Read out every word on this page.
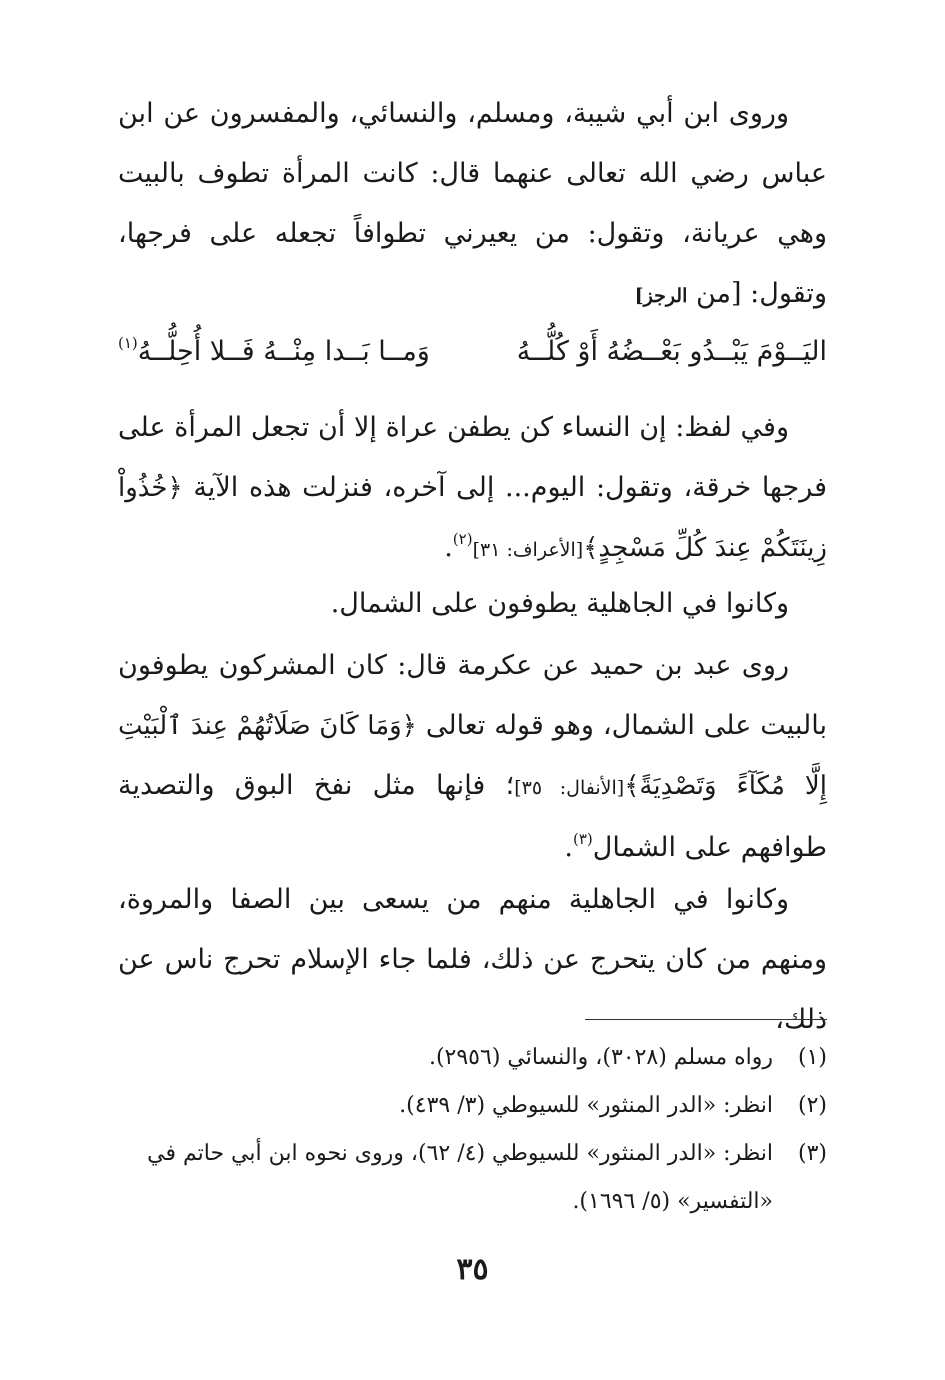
وروى ابن أبي شيبة، ومسلم، والنسائي، والمفسرون عن ابن عباس رضي الله تعالى عنهما قال: كانت المرأة تطوف بالبيت وهي عريانة، وتقول: من يعيرني تطوافاً تجعله على فرجها، وتقول: [من الرجز]

اليَــوْمَ يَبْــدُو بَعْــضُهُ أَوْ كُلُّــهُ
وَمــا بَــدا مِنْــهُ فَــلا أُحِلُّــهُ$^{(١)}$

وفي لفظ: إن النساء كن يطفن عراة إلا أن تجعل المرأة على فرجها خرقة، وتقول: اليوم... إلى آخره، فنزلت هذه الآية ﴿خُذُواْ زِينَتَكُمْ عِندَ كُلِّ مَسْجِدٍ﴾[الأعراف: ٣١]$^{(٢)}$.

وكانوا في الجاهلية يطوفون على الشمال.

روى عبد بن حميد عن عكرمة قال: كان المشركون يطوفون بالبيت على الشمال، وهو قوله تعالى ﴿وَمَا كَانَ صَلَاتُهُمْ عِندَ ٱلْبَيْتِ إِلَّا مُكَآءً وَتَصْدِيَةً﴾[الأنفال: ٣٥]؛ فإنها مثل نفخ البوق والتصدية طوافهم على الشمال$^{(٣)}$.

وكانوا في الجاهلية منهم من يسعى بين الصفا والمروة، ومنهم من كان يتحرج عن ذلك، فلما جاء الإسلام تحرج ناس عن ذلك،

(١)
رواه مسلم (٣٠٢٨)، والنسائي (٢٩٥٦).
(٢)
انظر: «الدر المنثور» للسيوطي (٣/ ٤٣٩).
(٣)
انظر: «الدر المنثور» للسيوطي (٤/ ٦٢)، وروى نحوه ابن أبي حاتم في «التفسير» (٥/ ١٦٩٦).
٣٥
